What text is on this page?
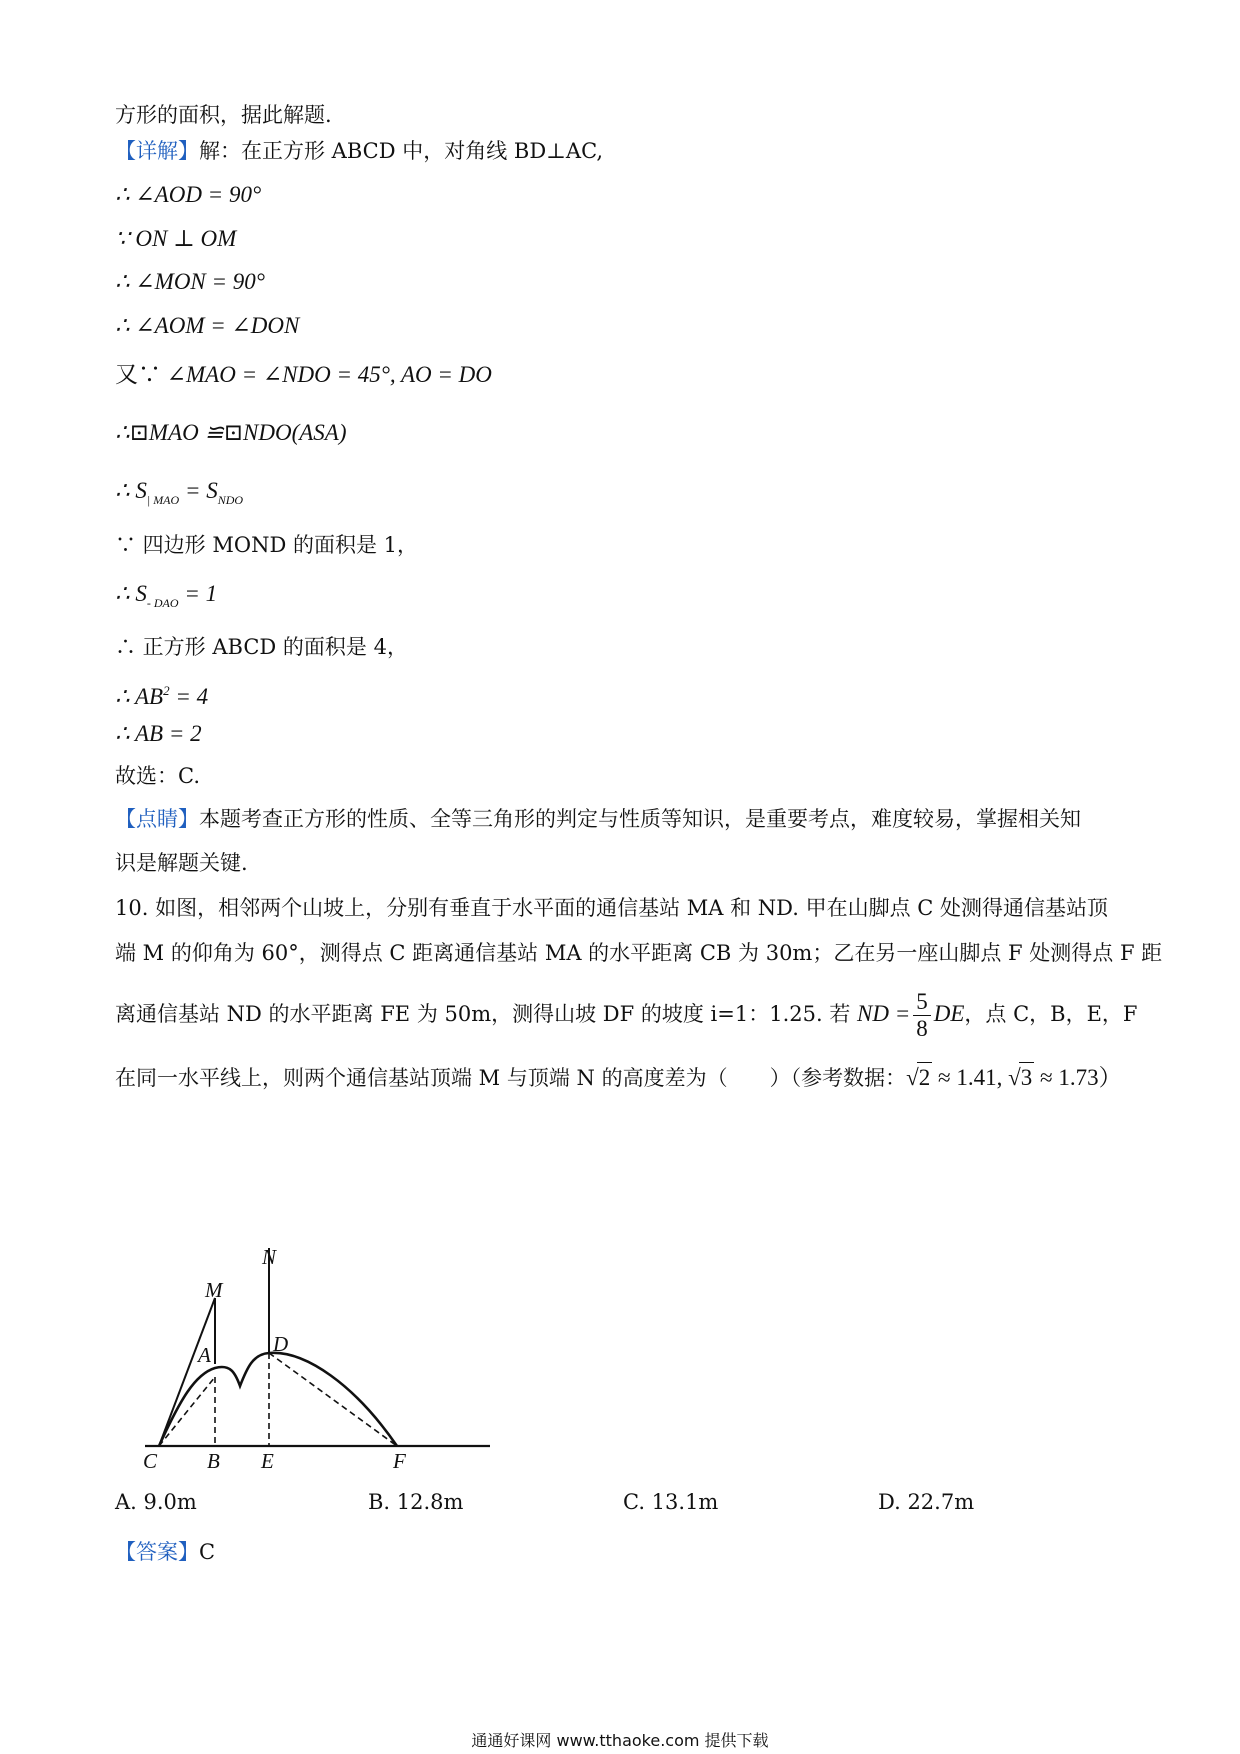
方形的面积，据此解题.
【详解】解：在正方形 ABCD 中，对角线 BD⊥AC,
∴ ∠AOD = 90°
∵ ON ⊥ OM
∴ ∠MON = 90°
∴ ∠AOM = ∠DON
又∵ ∠MAO = ∠NDO = 45°, AO = DO
∴⊡MAO ≌⊡NDO(ASA)
∴ $S_{| MAO} = S_{NDO}$
∵ 四边形 MOND 的面积是 1，
∴ $S_{- DAO} = 1$
∴ 正方形 ABCD 的面积是 4，
∴ $AB^2 = 4$
∴ AB = 2
故选：C.
【点睛】本题考查正方形的性质、全等三角形的判定与性质等知识，是重要考点，难度较易，掌握相关知
识是解题关键.
10. 如图，相邻两个山坡上，分别有垂直于水平面的通信基站 MA 和 ND. 甲在山脚点 C 处测得通信基站顶
端 M 的仰角为 60°，测得点 C 距离通信基站 MA 的水平距离 CB 为 30m；乙在另一座山脚点 F 处测得点 F 距
离通信基站 ND 的水平距离 FE 为 50m，测得山坡 DF 的坡度 i=1：1.25. 若 ND = $\frac{5}{8}$ DE，点 C，B，E，F
在同一水平线上，则两个通信基站顶端 M 与顶端 N 的高度差为（　　）（参考数据：√2 ≈ 1.41, √3 ≈ 1.73）
N
M
A	D
C B E	F
A. 9.0m	B. 12.8m	C. 13.1m	D. 22.7m
【答案】C
通通好课网 www.tthaoke.com 提供下载
